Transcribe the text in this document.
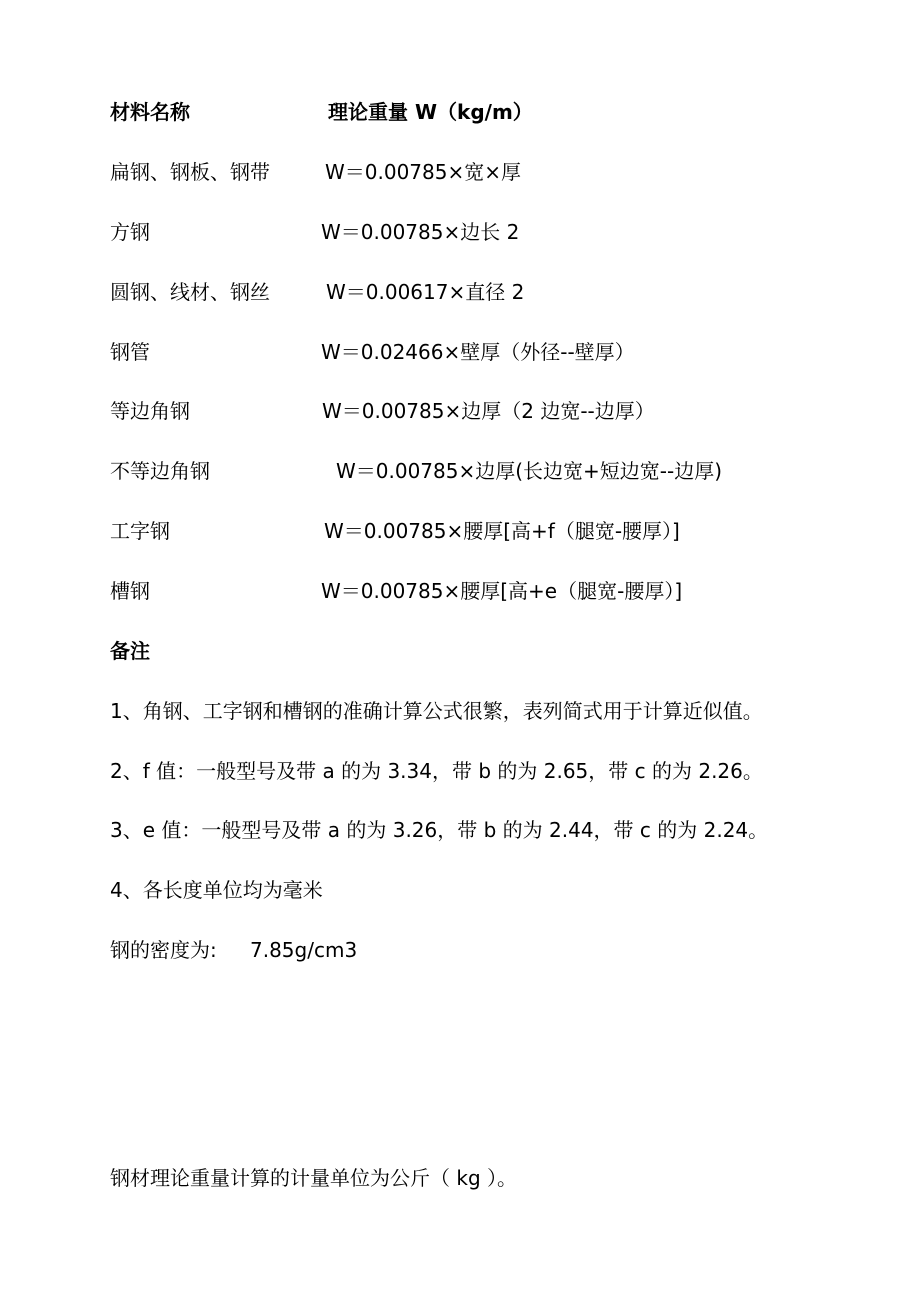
材料名称	理论重量 W（kg/m）
扁钢、钢板、钢带	W＝0.00785×宽×厚
方钢	W＝0.00785×边长 2
圆钢、线材、钢丝	W＝0.00617×直径 2
钢管	W＝0.02466×壁厚（外径--壁厚）
等边角钢	W＝0.00785×边厚（2 边宽--边厚）
不等边角钢	W＝0.00785×边厚(长边宽+短边宽--边厚)
工字钢	W＝0.00785×腰厚[高+f（腿宽-腰厚）]
槽钢	W＝0.00785×腰厚[高+e（腿宽-腰厚）]
备注
1、角钢、工字钢和槽钢的准确计算公式很繁，表列简式用于计算近似值。
2、f 值：一般型号及带 a 的为 3.34，带 b 的为 2.65，带 c 的为 2.26。
3、e 值：一般型号及带 a 的为 3.26，带 b 的为 2.44，带 c 的为 2.24。
4、各长度单位均为毫米
钢的密度为: 7.85g/cm3
钢材理论重量计算的计量单位为公斤（ kg ）。
